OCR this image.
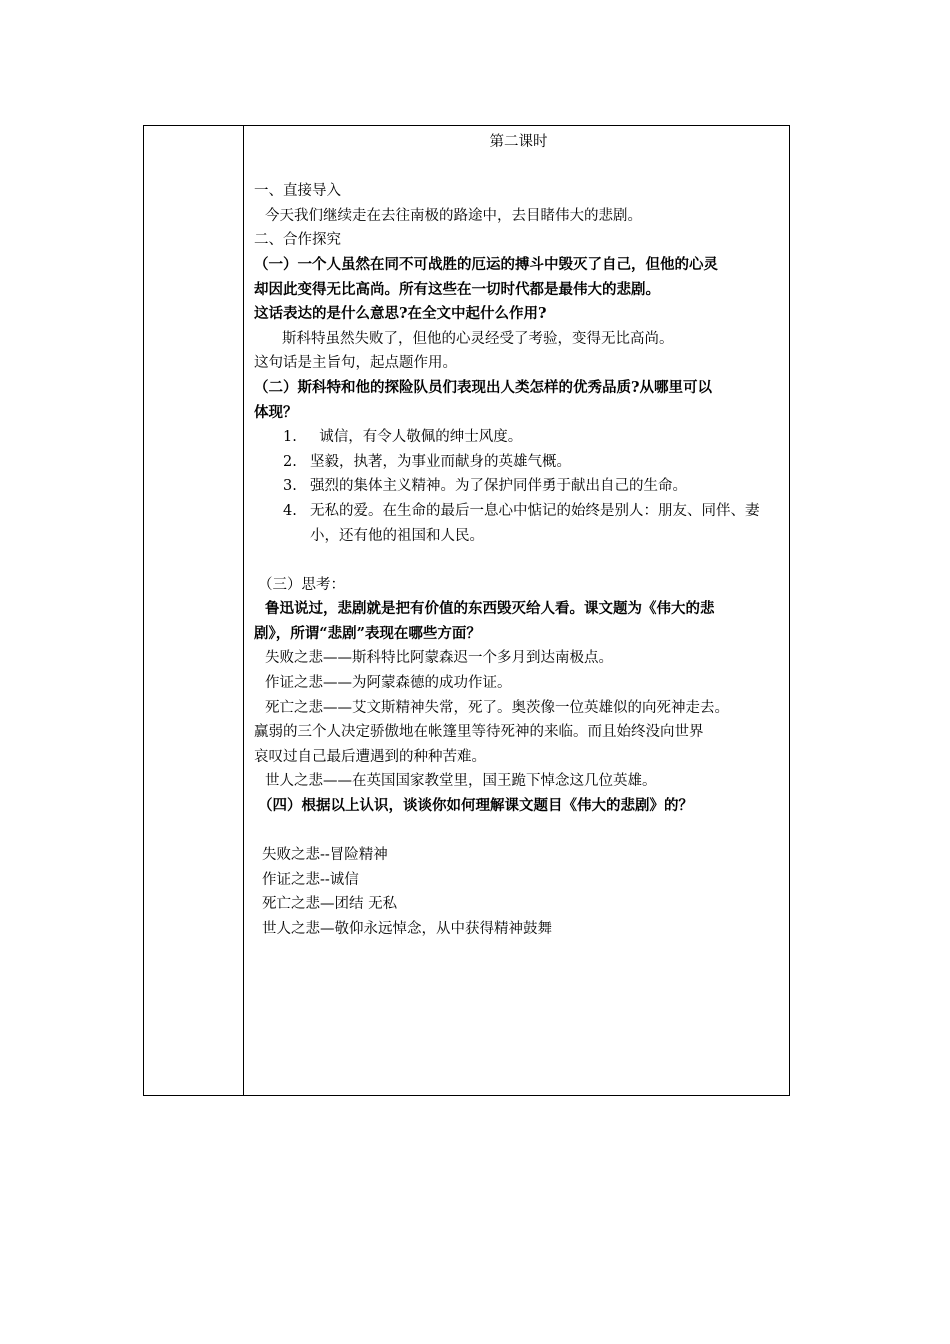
第二课时

一、直接导入

今天我们继续走在去往南极的路途中，去目睹伟大的悲剧。

二、合作探究

（一）一个人虽然在同不可战胜的厄运的搏斗中毁灭了自己，但他的心灵

却因此变得无比高尚。所有这些在一切时代都是最伟大的悲剧。

这话表达的是什么意思?在全文中起什么作用?

斯科特虽然失败了，但他的心灵经受了考验，变得无比高尚。

这句话是主旨句，起点题作用。

（二）斯科特和他的探险队员们表现出人类怎样的优秀品质?从哪里可以

体现？

1. 诚信，有令人敬佩的绅士风度。
2. 坚毅，执著，为事业而献身的英雄气概。
3. 强烈的集体主义精神。为了保护同伴勇于献出自己的生命。
4. 无私的爱。在生命的最后一息心中惦记的始终是别人：朋友、同伴、妻小，还有他的祖国和人民。

（三）思考：

鲁迅说过，悲剧就是把有价值的东西毁灭给人看。课文题为《伟大的悲

剧》，所谓“悲剧”表现在哪些方面？

失败之悲——斯科特比阿蒙森迟一个多月到达南极点。

作证之悲——为阿蒙森德的成功作证。

死亡之悲——艾文斯精神失常，死了。奥茨像一位英雄似的向死神走去。

赢弱的三个人决定骄傲地在帐篷里等待死神的来临。而且始终没向世界

哀叹过自己最后遭遇到的种种苦难。

世人之悲——在英国国家教堂里，国王跪下悼念这几位英雄。

（四）根据以上认识，谈谈你如何理解课文题目《伟大的悲剧》的？

失败之悲--冒险精神

作证之悲--诚信

死亡之悲—团结 无私

世人之悲—敬仰永远悼念，从中获得精神鼓舞
